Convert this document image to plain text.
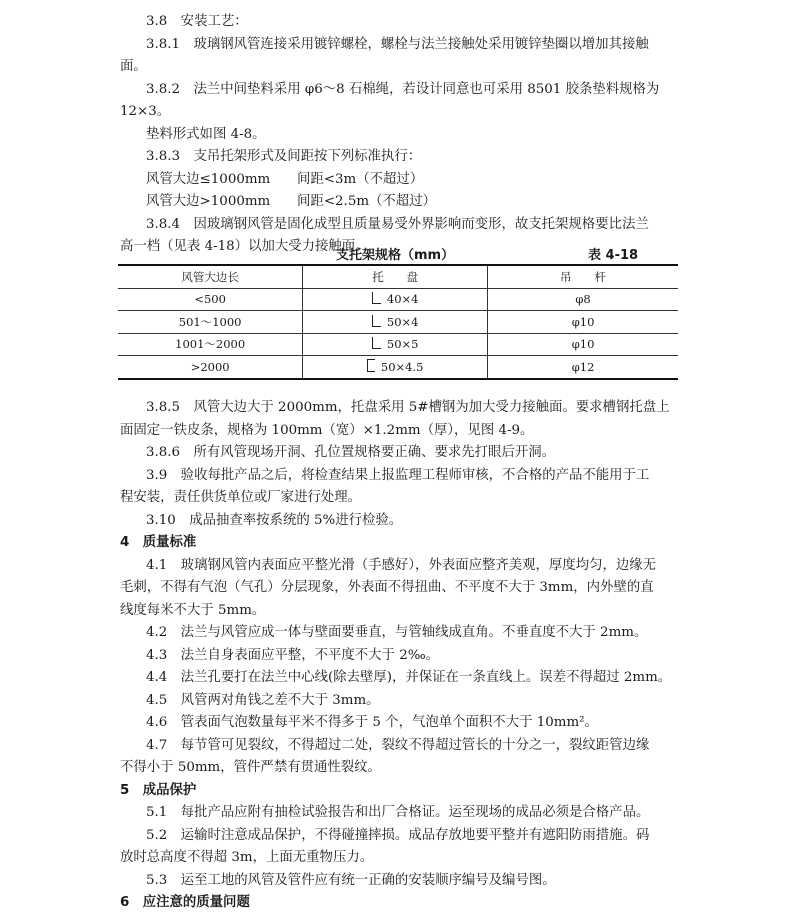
3.8　安装工艺：
3.8.1　玻璃钢风管连接采用镀锌螺栓，螺栓与法兰接触处采用镀锌垫圈以增加其接触
面。
3.8.2　法兰中间垫料采用 φ6～8 石棉绳，若设计同意也可采用 8501 胶条垫料规格为
12×3。
垫料形式如图 4-8。
3.8.3　支吊托架形式及间距按下列标准执行：
风管大边≤1000mm　　间距<3m（不超过）
风管大边>1000mm　　间距<2.5m（不超过）
3.8.4　因玻璃钢风管是固化成型且质量易受外界影响而变形，故支托架规格要比法兰
高一档（见表 4-18）以加大受力接触面。
支托架规格（mm）	表 4-18
风管大边长	托　　盘	吊　　杆
<500	40×4	φ8
501～1000	50×4	φ10
1001～2000	50×5	φ10
>2000	50×4.5	φ12
3.8.5　风管大边大于 2000mm，托盘采用 5#槽钢为加大受力接触面。要求槽钢托盘上
面固定一铁皮条，规格为 100mm（宽）×1.2mm（厚），见图 4-9。
3.8.6　所有风管现场开洞、孔位置规格要正确、要求先打眼后开洞。
3.9　验收每批产品之后，将检查结果上报监理工程师审核，不合格的产品不能用于工
程安装，责任供货单位或厂家进行处理。
3.10　成品抽查率按系统的 5%进行检验。
4　质量标准
4.1　玻璃钢风管内表面应平整光滑（手感好），外表面应整齐美观，厚度均匀，边缘无
毛刺，不得有气泡（气孔）分层现象，外表面不得扭曲、不平度不大于 3mm，内外壁的直
线度每米不大于 5mm。
4.2　法兰与风管应成一体与壁面要垂直，与管轴线成直角。不垂直度不大于 2mm。
4.3　法兰自身表面应平整，不平度不大于 2‰。
4.4　法兰孔要打在法兰中心线(除去壁厚)，并保证在一条直线上。误差不得超过 2mm。
4.5　风管两对角钱之差不大于 3mm。
4.6　管表面气泡数量每平米不得多于 5 个，气泡单个面积不大于 10mm²。
4.7　每节管可见裂纹，不得超过二处，裂纹不得超过管长的十分之一，裂纹距管边缘
不得小于 50mm，管件严禁有贯通性裂纹。
5　成品保护
5.1　每批产品应附有抽检试验报告和出厂合格证。运至现场的成品必须是合格产品。
5.2　运输时注意成品保护，不得碰撞摔损。成品存放地要平整并有遮阳防雨措施。码
放时总高度不得超 3m，上面无重物压力。
5.3　运至工地的风管及管件应有统一正确的安装顺序编号及编号图。
6　应注意的质量问题
